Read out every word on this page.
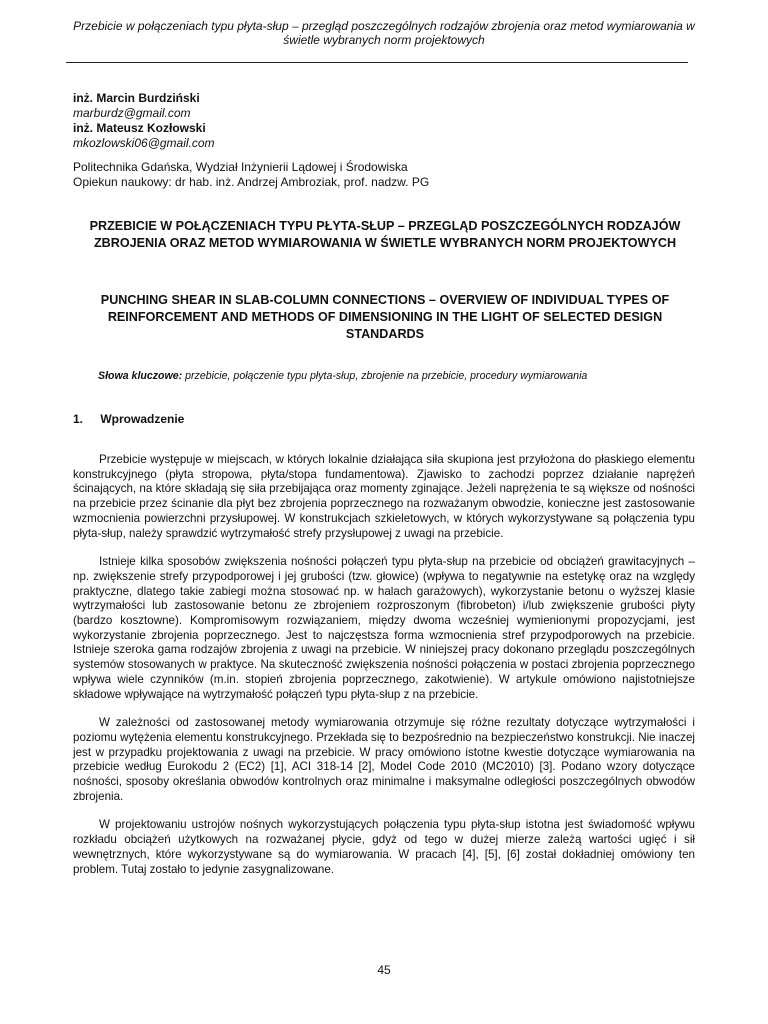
Przebicie w połączeniach typu płyta-słup – przegląd poszczególnych rodzajów zbrojenia oraz metod wymiarowania w świetle wybranych norm projektowych
inż. Marcin Burdziński
marburdz@gmail.com
inż. Mateusz Kozłowski
mkozlowski06@gmail.com
Politechnika Gdańska, Wydział Inżynierii Lądowej i Środowiska
Opiekun naukowy: dr hab. inż. Andrzej Ambroziak, prof. nadzw. PG
PRZEBICIE W POŁĄCZENIACH TYPU PŁYTA-SŁUP – PRZEGLĄD POSZCZEGÓLNYCH RODZAJÓW ZBROJENIA ORAZ METOD WYMIAROWANIA W ŚWIETLE WYBRANYCH NORM PROJEKTOWYCH
PUNCHING SHEAR IN SLAB-COLUMN CONNECTIONS – OVERVIEW OF INDIVIDUAL TYPES OF REINFORCEMENT AND METHODS OF DIMENSIONING IN THE LIGHT OF SELECTED DESIGN STANDARDS
Słowa kluczowe: przebicie, połączenie typu płyta-słup, zbrojenie na przebicie, procedury wymiarowania
1. Wprowadzenie

Przebicie występuje w miejscach, w których lokalnie działająca siła skupiona jest przyłożona do płaskiego elementu konstrukcyjnego (płyta stropowa, płyta/stopa fundamentowa). Zjawisko to zachodzi poprzez działanie naprężeń ścinających, na które składają się siła przebijająca oraz momenty zginające. Jeżeli naprężenia te są większe od nośności na przebicie przez ścinanie dla płyt bez zbrojenia poprzecznego na rozważanym obwodzie, konieczne jest zastosowanie wzmocnienia powierzchni przysłupowej. W konstrukcjach szkieletowych, w których wykorzystywane są połączenia typu płyta-słup, należy sprawdzić wytrzymałość strefy przysłupowej z uwagi na przebicie.

Istnieje kilka sposobów zwiększenia nośności połączeń typu płyta-słup na przebicie od obciążeń grawitacyjnych – np. zwiększenie strefy przypodporowej i jej grubości (tzw. głowice) (wpływa to negatywnie na estetykę oraz na względy praktyczne, dlatego takie zabiegi można stosować np. w halach garażowych), wykorzystanie betonu o wyższej klasie wytrzymałości lub zastosowanie betonu ze zbrojeniem rozproszonym (fibrobeton) i/lub zwiększenie grubości płyty (bardzo kosztowne). Kompromisowym rozwiązaniem, między dwoma wcześniej wymienionymi propozycjami, jest wykorzystanie zbrojenia poprzecznego. Jest to najczęstsza forma wzmocnienia stref przypodporowych na przebicie. Istnieje szeroka gama rodzajów zbrojenia z uwagi na przebicie. W niniejszej pracy dokonano przeglądu poszczególnych systemów stosowanych w praktyce. Na skuteczność zwiększenia nośności połączenia w postaci zbrojenia poprzecznego wpływa wiele czynników (m.in. stopień zbrojenia poprzecznego, zakotwienie). W artykule omówiono najistotniejsze składowe wpływające na wytrzymałość połączeń typu płyta-słup z na przebicie.

W zależności od zastosowanej metody wymiarowania otrzymuje się różne rezultaty dotyczące wytrzymałości i poziomu wytężenia elementu konstrukcyjnego. Przekłada się to bezpośrednio na bezpieczeństwo konstrukcji. Nie inaczej jest w przypadku projektowania z uwagi na przebicie. W pracy omówiono istotne kwestie dotyczące wymiarowania na przebicie według Eurokodu 2 (EC2) [1], ACI 318-14 [2], Model Code 2010 (MC2010) [3]. Podano wzory dotyczące nośności, sposoby określania obwodów kontrolnych oraz minimalne i maksymalne odległości poszczególnych obwodów zbrojenia.

W projektowaniu ustrojów nośnych wykorzystujących połączenia typu płyta-słup istotna jest świadomość wpływu rozkładu obciążeń użytkowych na rozważanej płycie, gdyż od tego w dużej mierze zależą wartości ugięć i sił wewnętrznych, które wykorzystywane są do wymiarowania. W pracach [4], [5], [6] został dokładniej omówiony ten problem. Tutaj zostało to jedynie zasygnalizowane.

45
